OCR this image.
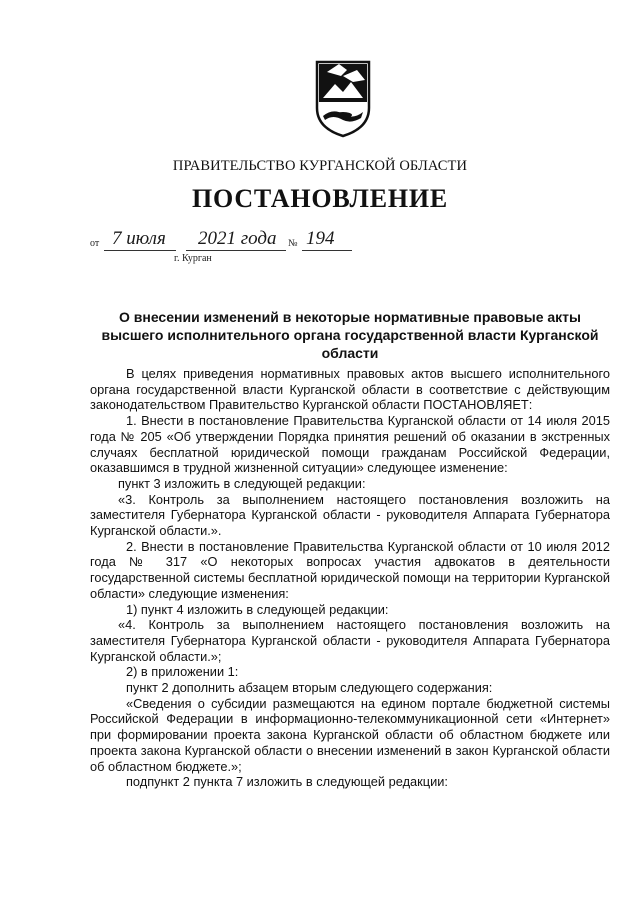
ПРАВИТЕЛЬСТВО КУРГАНСКОЙ ОБЛАСТИ
ПОСТАНОВЛЕНИЕ
от 7 июля 2021 года № 194
г. Курган
О внесении изменений в некоторые нормативные правовые акты высшего исполнительного органа государственной власти Курганской области

В целях приведения нормативных правовых актов высшего исполнительного органа государственной власти Курганской области в соответствие с действующим законодательством Правительство Курганской области ПОСТАНОВЛЯЕТ:

1. Внести в постановление Правительства Курганской области от 14 июля 2015 года № 205 «Об утверждении Порядка принятия решений об оказании в экстренных случаях бесплатной юридической помощи гражданам Российской Федерации, оказавшимся в трудной жизненной ситуации» следующее изменение:

пункт 3 изложить в следующей редакции:

«3. Контроль за выполнением настоящего постановления возложить на заместителя Губернатора Курганской области - руководителя Аппарата Губернатора Курганской области.».

2. Внести в постановление Правительства Курганской области от 10 июля 2012 года № 317 «О некоторых вопросах участия адвокатов в деятельности государственной системы бесплатной юридической помощи на территории Курганской области» следующие изменения:

1) пункт 4 изложить в следующей редакции:

«4. Контроль за выполнением настоящего постановления возложить на заместителя Губернатора Курганской области - руководителя Аппарата Губернатора Курганской области.»;

2) в приложении 1:

пункт 2 дополнить абзацем вторым следующего содержания:

«Сведения о субсидии размещаются на едином портале бюджетной системы Российской Федерации в информационно-телекоммуникационной сети «Интернет» при формировании проекта закона Курганской области об областном бюджете или проекта закона Курганской области о внесении изменений в закон Курганской области об областном бюджете.»;

подпункт 2 пункта 7 изложить в следующей редакции:
